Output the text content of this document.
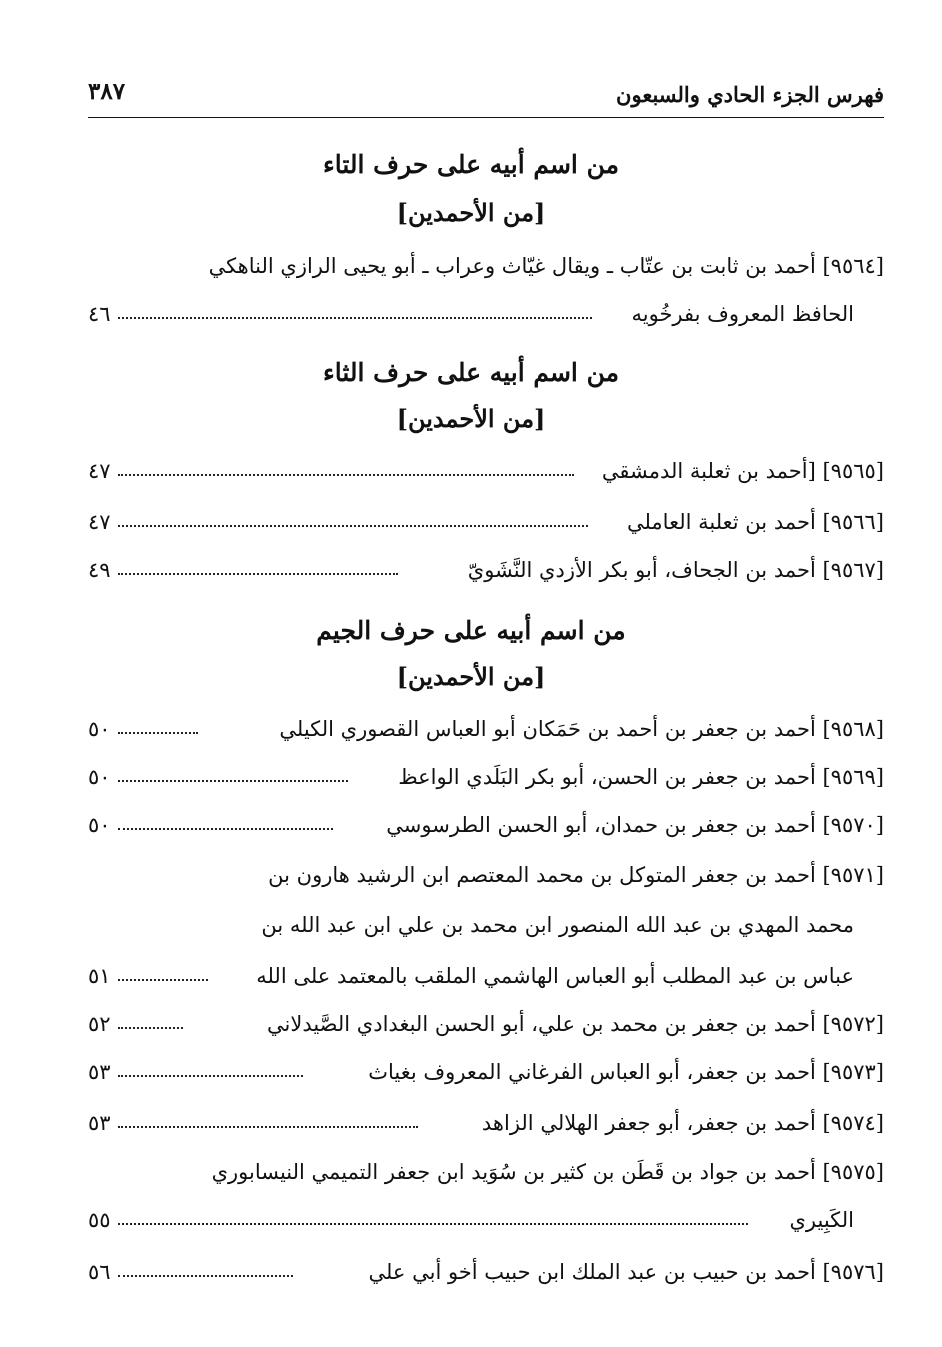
فهرس الجزء الحادي والسبعون
٣٨٧
من اسم أبيه على حرف التاء
[من الأحمدين]
[٩٥٦٤] أحمد بن ثابت بن عتّاب ـ ويقال غيّاث وعراب ـ أبو يحيى الرازي الناهكي
الحافظ المعروف بفرخُويه
٤٦
من اسم أبيه على حرف الثاء
[من الأحمدين]
[٩٥٦٥] [أحمد بن ثعلبة الدمشقي
٤٧
[٩٥٦٦] أحمد بن ثعلبة العاملي
٤٧
[٩٥٦٧] أحمد بن الجحاف، أبو بكر الأزدي النَّشَويّ
٤٩
من اسم أبيه على حرف الجيم
[من الأحمدين]
[٩٥٦٨] أحمد بن جعفر بن أحمد بن حَمَكان أبو العباس القصوري الكيلي
٥٠
[٩٥٦٩] أحمد بن جعفر بن الحسن، أبو بكر البَلَدي الواعظ
٥٠
[٩٥٧٠] أحمد بن جعفر بن حمدان، أبو الحسن الطرسوسي
٥٠
[٩٥٧١] أحمد بن جعفر المتوكل بن محمد المعتصم ابن الرشيد هارون بن
محمد المهدي بن عبد الله المنصور ابن محمد بن علي ابن عبد الله بن
عباس بن عبد المطلب أبو العباس الهاشمي الملقب بالمعتمد على الله
٥١
[٩٥٧٢] أحمد بن جعفر بن محمد بن علي، أبو الحسن البغدادي الصَّيدلاني
٥٢
[٩٥٧٣] أحمد بن جعفر، أبو العباس الفرغاني المعروف بغياث
٥٣
[٩٥٧٤] أحمد بن جعفر، أبو جعفر الهلالي الزاهد
٥٣
[٩٥٧٥] أحمد بن جواد بن قَطَن بن كثير بن سُوَيد ابن جعفر التميمي النيسابوري
الكَبِيري
٥٥
[٩٥٧٦] أحمد بن حبيب بن عبد الملك ابن حبيب أخو أبي علي
٥٦
